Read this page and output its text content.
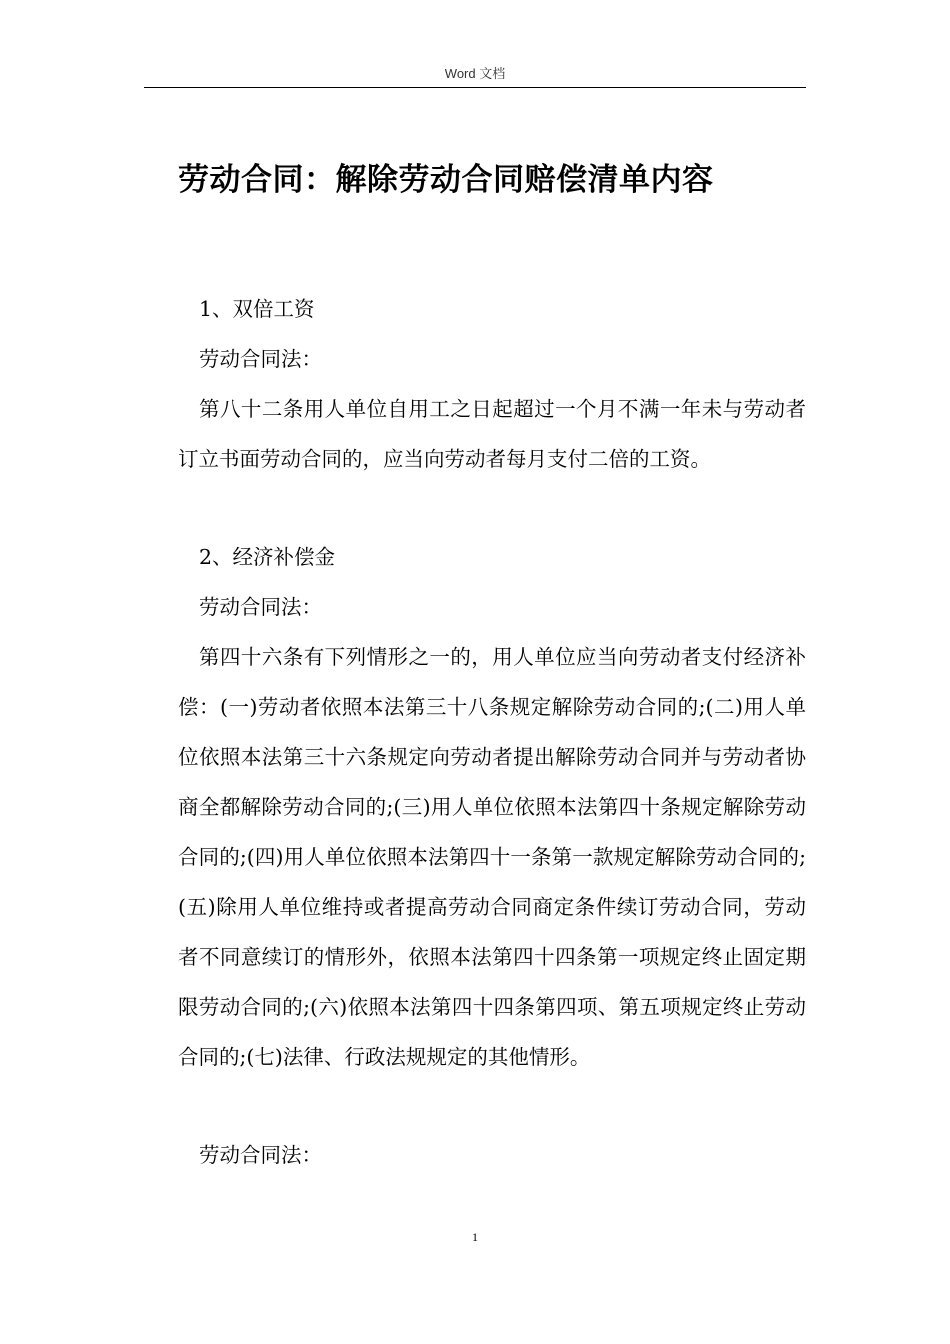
Word 文档
劳动合同：解除劳动合同赔偿清单内容

1、双倍工资

劳动合同法：

第八十二条用人单位自用工之日起超过一个月不满一年未与劳动者订立书面劳动合同的，应当向劳动者每月支付二倍的工资。

2、经济补偿金

劳动合同法：

第四十六条有下列情形之一的，用人单位应当向劳动者支付经济补偿：(一)劳动者依照本法第三十八条规定解除劳动合同的;(二)用人单位依照本法第三十六条规定向劳动者提出解除劳动合同并与劳动者协商全都解除劳动合同的;(三)用人单位依照本法第四十条规定解除劳动合同的;(四)用人单位依照本法第四十一条第一款规定解除劳动合同的;(五)除用人单位维持或者提高劳动合同商定条件续订劳动合同，劳动者不同意续订的情形外，依照本法第四十四条第一项规定终止固定期限劳动合同的;(六)依照本法第四十四条第四项、第五项规定终止劳动合同的;(七)法律、行政法规规定的其他情形。

劳动合同法：

1
